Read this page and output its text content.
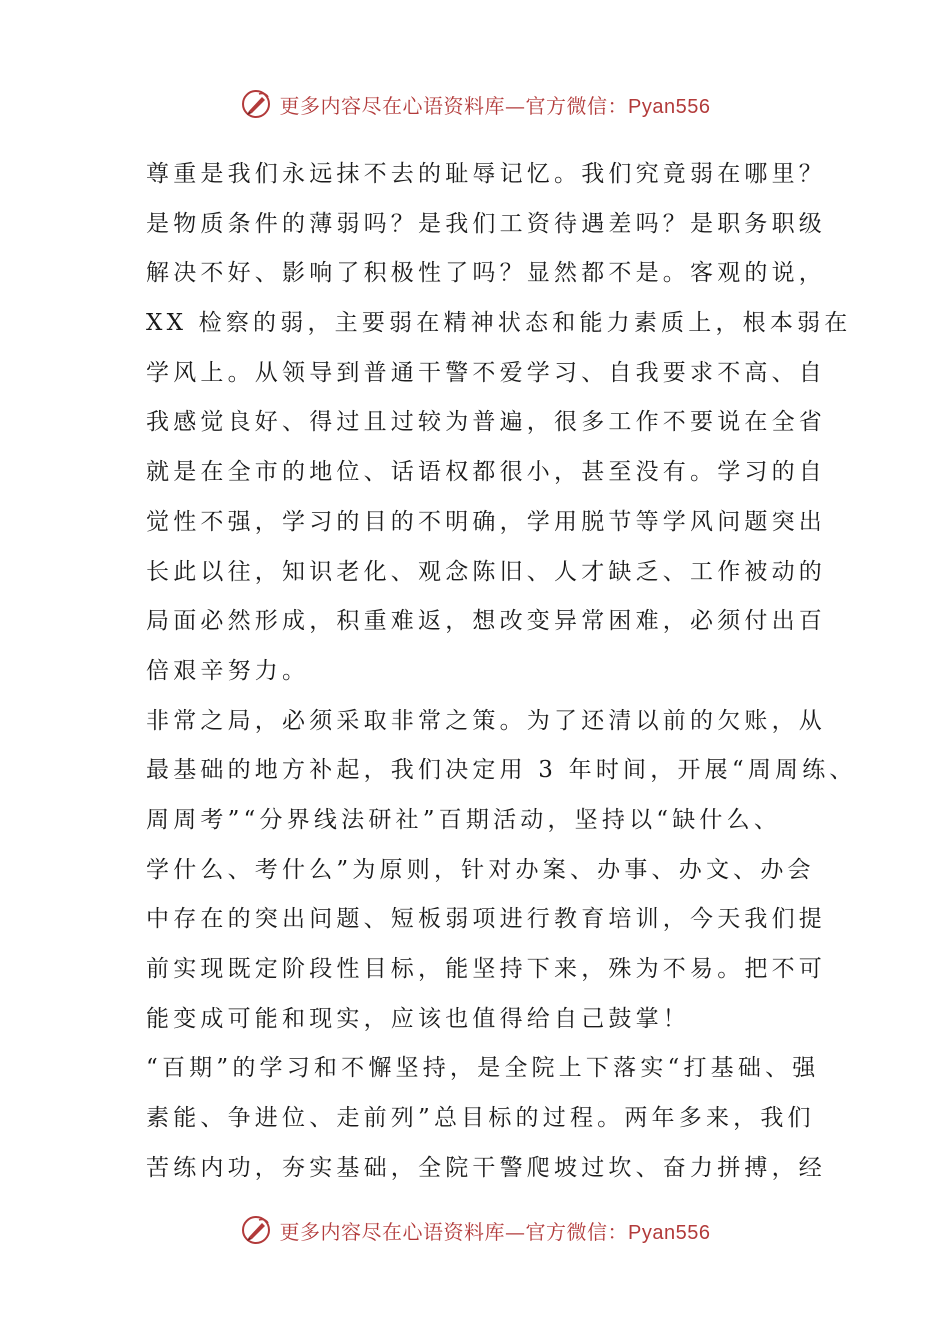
更多内容尽在心语资料库—官方微信：Pyan556
尊重是我们永远抹不去的耻辱记忆。我们究竟弱在哪里？
是物质条件的薄弱吗？是我们工资待遇差吗？是职务职级
解决不好、影响了积极性了吗？显然都不是。客观的说，
XX 检察的弱，主要弱在精神状态和能力素质上，根本弱在
学风上。从领导到普通干警不爱学习、自我要求不高、自
我感觉良好、得过且过较为普遍，很多工作不要说在全省
就是在全市的地位、话语权都很小，甚至没有。学习的自
觉性不强，学习的目的不明确，学用脱节等学风问题突出
长此以往，知识老化、观念陈旧、人才缺乏、工作被动的
局面必然形成，积重难返，想改变异常困难，必须付出百
倍艰辛努力。
非常之局，必须采取非常之策。为了还清以前的欠账，从
最基础的地方补起，我们决定用 3 年时间，开展“周周练、
周周考”“分界线法研社”百期活动，坚持以“缺什么、
学什么、考什么”为原则，针对办案、办事、办文、办会
中存在的突出问题、短板弱项进行教育培训，今天我们提
前实现既定阶段性目标，能坚持下来，殊为不易。把不可
能变成可能和现实，应该也值得给自己鼓掌！
“百期”的学习和不懈坚持，是全院上下落实“打基础、强
素能、争进位、走前列”总目标的过程。两年多来，我们
苦练内功，夯实基础，全院干警爬坡过坎、奋力拼搏，经
更多内容尽在心语资料库—官方微信：Pyan556
